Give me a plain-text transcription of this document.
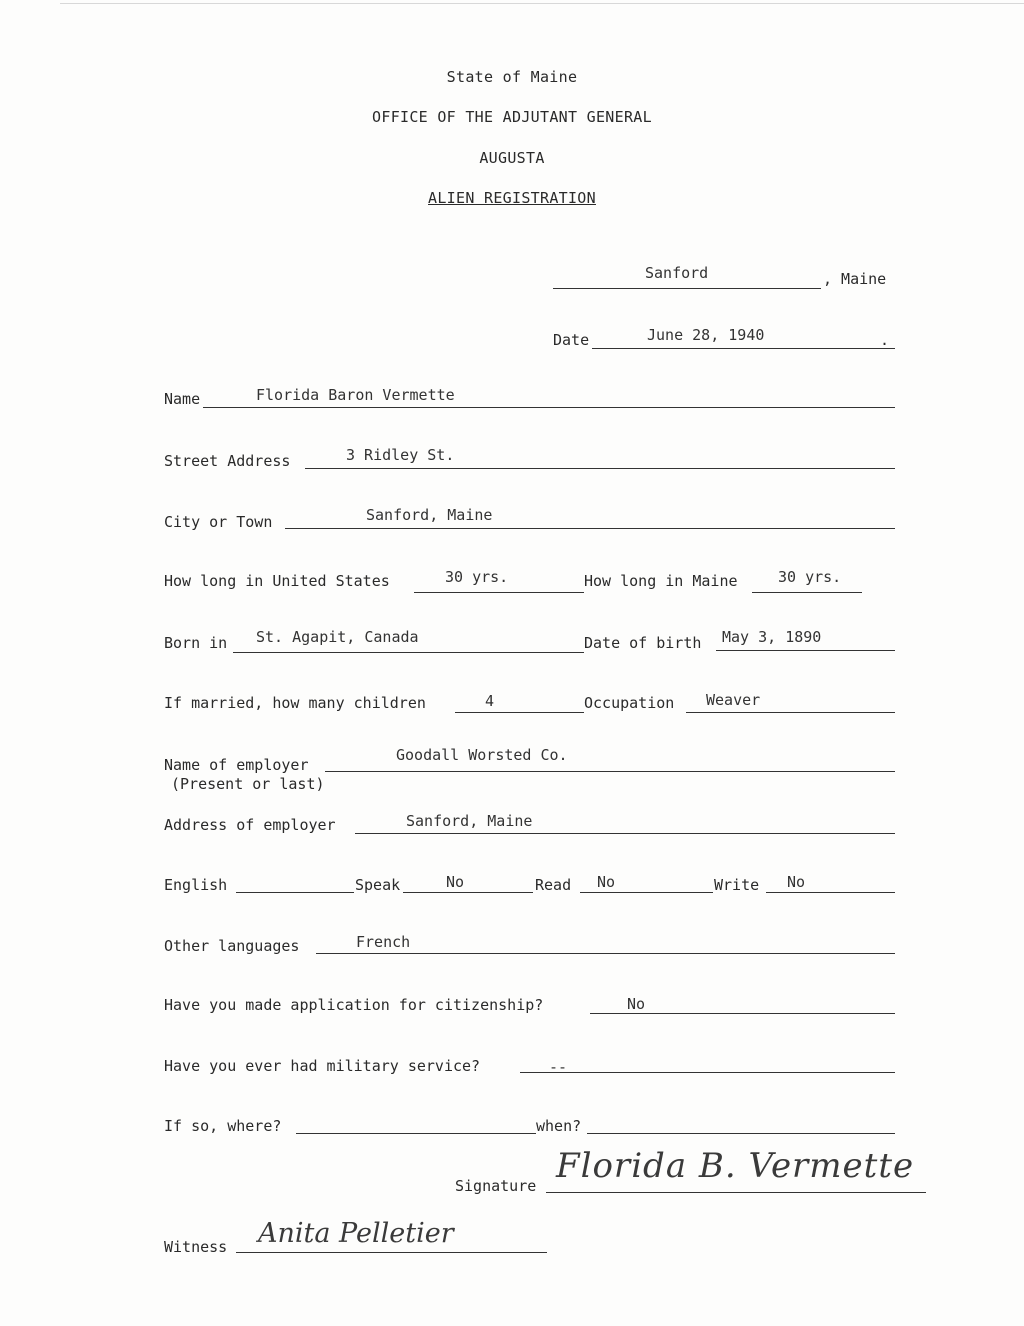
State of Maine
OFFICE OF THE ADJUTANT GENERAL
AUGUSTA
ALIEN REGISTRATION
Sanford	, Maine
Date	June 28, 1940	.
Name	Florida Baron Vermette
Street Address	3 Ridley St.
City or Town	Sanford, Maine
How long in United States	30 yrs.	How long in Maine	30 yrs.
Born in St. Agapit, Canada	Date of birth May 3, 1890
If married, how many children	4	Occupation Weaver
Name of employer
(Present or last)
Goodall Worsted Co.
Address of employer	Sanford, Maine
English	Speak	No	Read No	Write No
Other languages	French
Have you made application for citizenship?	No
Have you ever had military service?	--
If so, where?	when?
Signature Florida B. Vermette
Witness Anita Pelletier
